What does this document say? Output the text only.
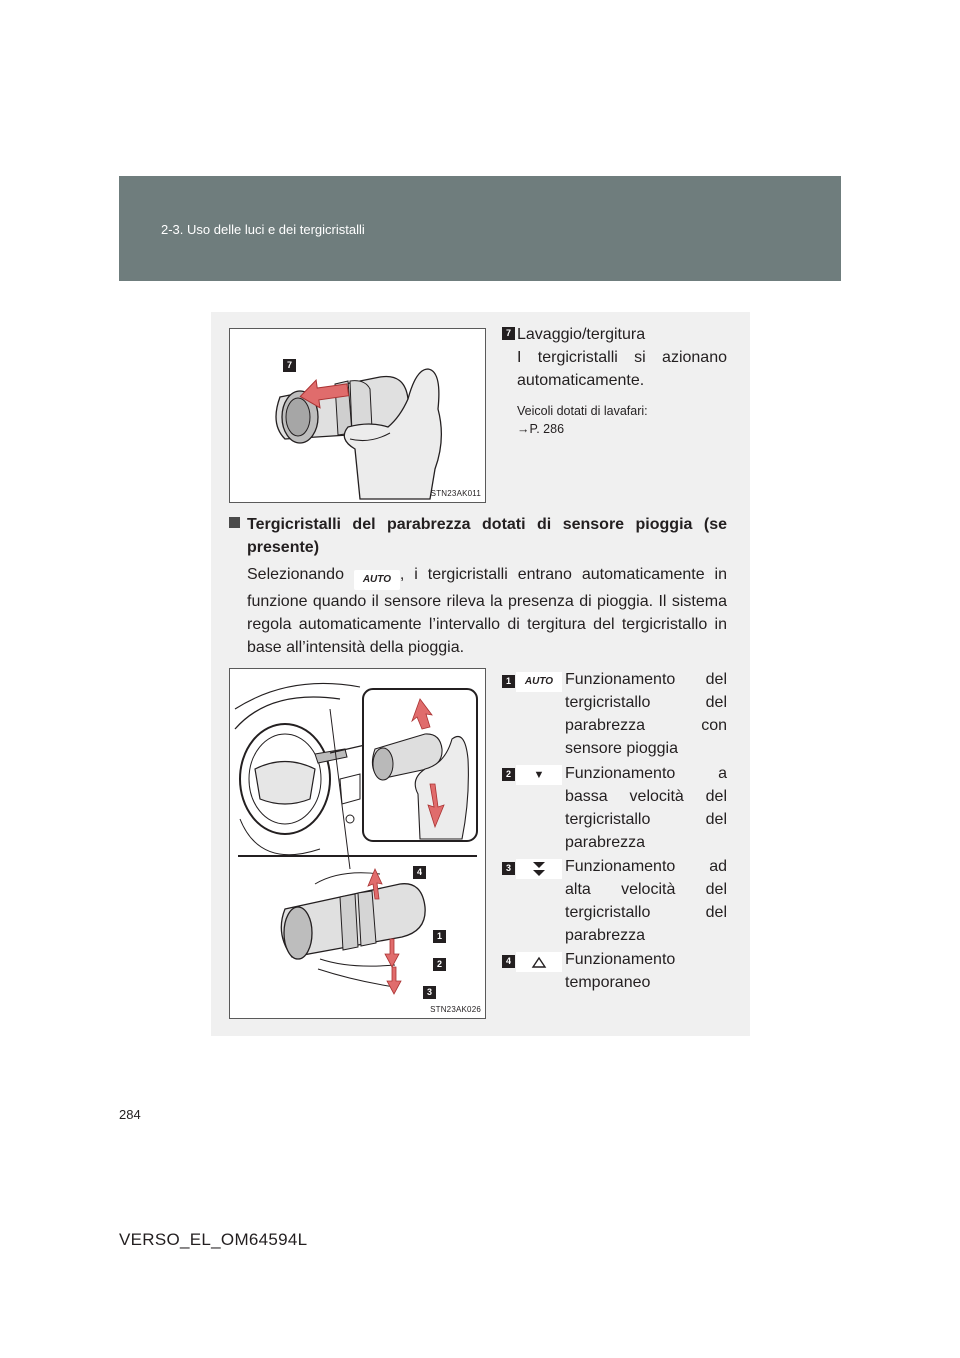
2-3. Uso delle luci e dei tergicristalli
7
STN23AK011
7 Lavaggio/tergitura
I tergicristalli si azionano automaticamente.
Veicoli dotati di lavafari:
→P. 286
Tergicristalli del parabrezza dotati di sensore pioggia (se presente)
Selezionando AUTO , i tergicristalli entrano automaticamente in funzione quando il sensore rileva la presenza di pioggia. Il sistema regola automaticamente l’intervallo di tergitura del tergicristallo in base all’intensità della pioggia.
4
1
2
3
STN23AK026
1	AUTO Funzionamento del tergicristallo del parabrezza con sensore pioggia
2	▼	Funzionamento a bassa velocità del tergicristallo del parabrezza
3	Funzionamento ad alta velocità del tergicristallo del parabrezza
4	Funzionamento temporaneo
284
VERSO_EL_OM64594L
